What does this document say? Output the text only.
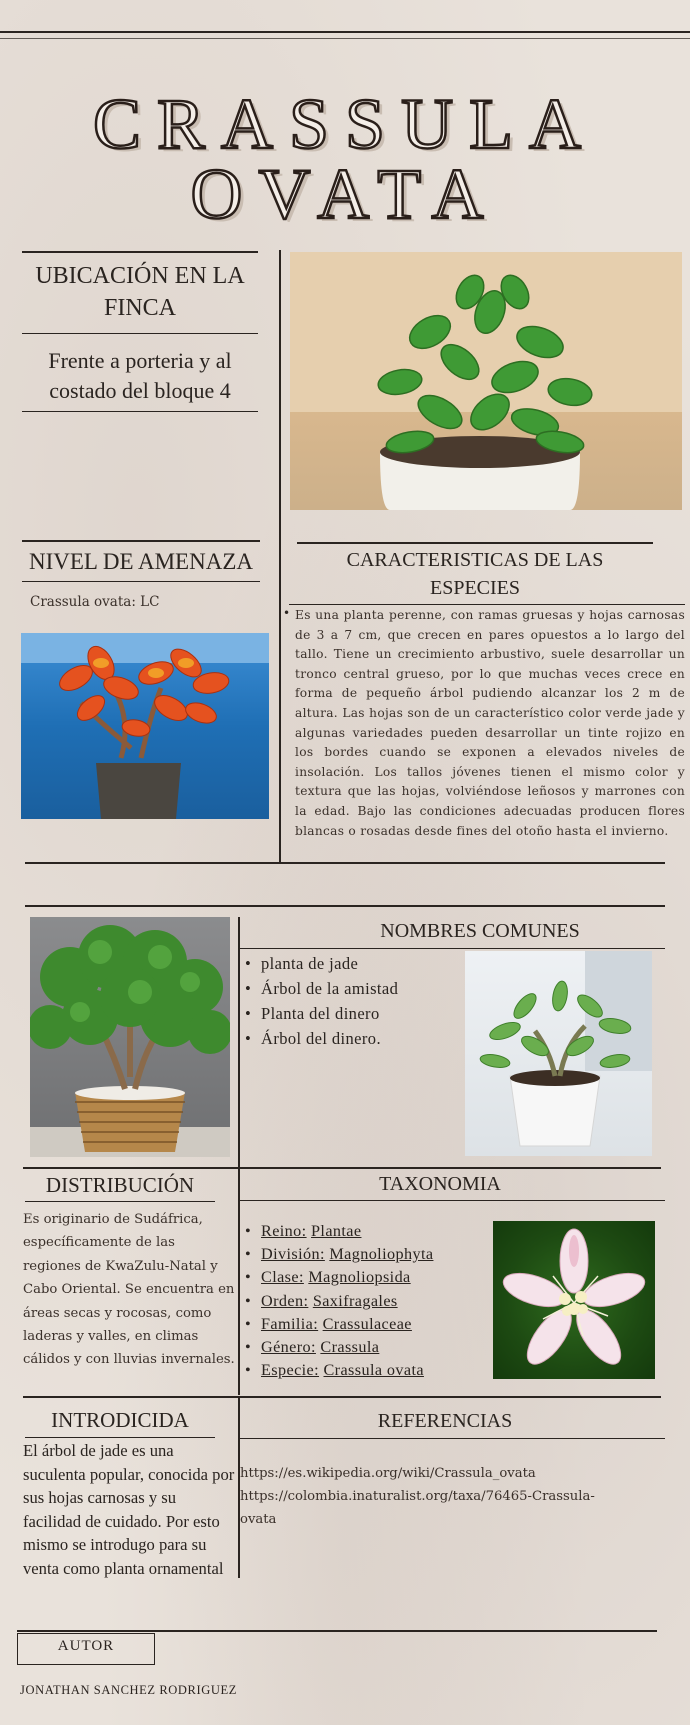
CRASSULA
OVATA
UBICACIÓN EN LA FINCA
Frente a porteria y al costado del bloque 4
NIVEL DE AMENAZA
Crassula ovata: LC
CARACTERISTICAS DE LAS ESPECIES
Es una planta perenne, con ramas gruesas y hojas carnosas de 3 a 7 cm, que crecen en pares opuestos a lo largo del tallo. Tiene un crecimiento arbustivo, suele desarrollar un tronco central grueso, por lo que muchas veces crece en forma de pequeño árbol pudiendo alcanzar los 2 m de altura. Las hojas son de un característico color verde jade y algunas variedades pueden desarrollar un tinte rojizo en los bordes cuando se exponen a elevados niveles de insolación. Los tallos jóvenes tienen el mismo color y textura que las hojas, volviéndose leñosos y marrones con la edad. Bajo las condiciones adecuadas producen flores blancas o rosadas desde fines del otoño hasta el invierno.
•
NOMBRES COMUNES
• planta de jade
• Árbol de la amistad
• Planta del dinero
• Árbol del dinero.
DISTRIBUCIÓN
Es originario de Sudáfrica, específicamente de las regiones de KwaZulu-Natal y Cabo Oriental. Se encuentra en áreas secas y rocosas, como laderas y valles, en climas cálidos y con lluvias invernales.
TAXONOMIA
• Reino: Plantae
• División: Magnoliophyta
• Clase: Magnoliopsida
• Orden: Saxifragales
• Familia: Crassulaceae
• Género: Crassula
• Especie: Crassula ovata
INTRODICIDA
El árbol de jade es una suculenta popular, conocida por sus hojas carnosas y su facilidad de cuidado. Por esto mismo se introdugo para su venta como planta ornamental
REFERENCIAS
https://es.wikipedia.org/wiki/Crassula_ovata
https://colombia.inaturalist.org/taxa/76465-Crassula-
ovata
AUTOR
JONATHAN SANCHEZ RODRIGUEZ
